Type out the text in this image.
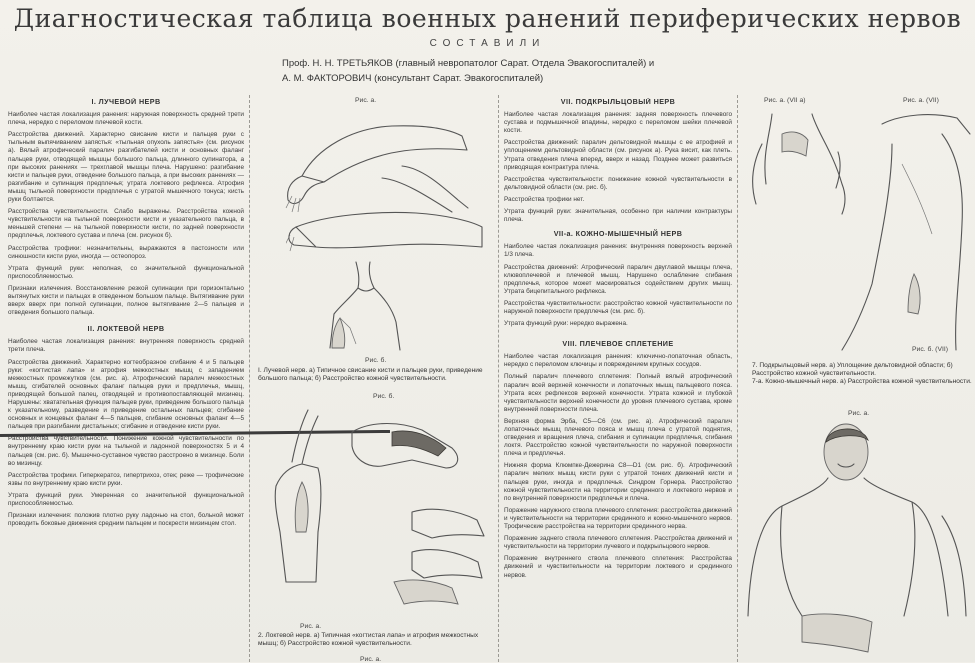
Диагностическая таблица военных ранений периферических нервов
СОСТАВИЛИ
Проф. Н. Н. ТРЕТЬЯКОВ (главный невропатолог Сарат. Отдела Эвакогоспиталей) и
А. М. ФАКТОРОВИЧ (консультант Сарат. Эвакогоспиталей)
I. ЛУЧЕВОЙ НЕРВ

Наиболее частая локализация ранения: наружная поверхность средней трети плеча, нередко с переломом плечевой кости.

Расстройства движений. Характерно свисание кисти и пальцев руки с тыльным выпячиванием запястья: «тыльная опухоль запястья» (см. рисунок а). Вялый атрофический паралич разгибателей кисти и основных фаланг пальцев руки, отводящей мышцы большого пальца, длинного супинатора, а при высоких ранениях — трехглавой мышцы плеча. Нарушено: разгибание кисти и пальцев руки, отведение большого пальца, а при высоких ранениях — разгибание и супинация предплечья; утрата локтевого рефлекса. Атрофия мышц тыльной поверхности предплечья с утратой мышечного тонуса; кисть руки болтается.

Расстройства чувствительности. Слабо выражены. Расстройства кожной чувствительности на тыльной поверхности кисти и указательного пальца, в меньшей степени — на тыльной поверхности кисти, по задней поверхности предплечья, локтевого сустава и плеча (см. рисунок б).

Расстройства трофики: незначительны, выражаются в пастозности или синюшности кисти руки, иногда — остеопороз.

Утрата функций руки: неполная, со значительной функциональной приспособляемостью.

Признаки излечения. Восстановление резкой супинации при горизонтально вытянутых кисти и пальцах в отведенном большом пальце. Вытягивание руки вверх вверх при полной супинации, полное вытягивание 2—5 пальцев и отведения большого пальца.

II. ЛОКТЕВОЙ НЕРВ

Наиболее частая локализация ранения: внутренняя поверхность средней трети плеча.

Расстройства движений. Характерно когтеобразное сгибание 4 и 5 пальцев руки: «когтистая лапа» и атрофия межкостных мышц с западением межкостных промежутков (см. рис. а). Атрофический паралич межкостных мышц, сгибателей основных фаланг пальцев руки и предплечья, мышц, приводящей большой палец, отводящей и противопоставляющей мизинец. Нарушены: хватательная функция пальцев руки, приведение большого пальца к указательному, разведение и приведение остальных пальцев; сгибание основных и концевых фаланг 4—5 пальцев, сгибание основных фаланг 4—5 пальцев при разгибании дистальных; сгибание и отведение кисти руки.

Расстройства чувствительности. Понижение кожной чувствительности по внутреннему краю кисти руки на тыльной и ладонной поверхностях 5 и 4 пальцев (см. рис. б). Мышечно-суставное чувство расстроено в мизинце. Боли во мизинцу.

Расстройства трофики. Гиперкератоз, гипертрихоз, отек; реже — трофические язвы по внутреннему краю кисти руки.

Утрата функций руки. Умеренная со значительной функциональной приспособляемостью.

Признаки излечения: положив плотно руку ладонью на стол, больной может проводить боковые движения средним пальцем и поскрести мизинцем стол.

Рис. а.
Рис. б.
I. Лучевой нерв. а) Типичное свисание кисти и пальцев руки, приведение большого пальца; б) Расстройство кожной чувствительности.
Рис. б.
Рис. а.
2. Локтевой нерв. а) Типичная «когтистая лапа» и атрофия межкостных мышц; б) Расстройство кожной чувствительности.
Рис. а.
VII. ПОДКРЫЛЬЦОВЫЙ НЕРВ

Наиболее частая локализация ранения: задняя поверхность плечевого сустава и подмышечной впадины, нередко с переломом шейки плечевой кости.

Расстройства движений: паралич дельтовидной мышцы с ее атрофией и уплощением дельтовидной области (см. рисунок а). Рука висит, как плеть. Утрата отведения плеча вперед, вверх и назад. Позднее может развиться приводящая контрактура плеча.

Расстройства чувствительности: понижение кожной чувствительности в дельтовидной области (см. рис. б).

Расстройства трофики нет.

Утрата функций руки: значительная, особенно при наличии контрактуры плеча.

VII-а. КОЖНО-МЫШЕЧНЫЙ НЕРВ

Наиболее частая локализация ранения: внутренняя поверхность верхней 1/3 плеча.

Расстройства движений: Атрофический паралич двуглавой мышцы плеча, клювоплечевой и плечевой мышц. Нарушено ослабление сгибания предплечья, которое может маскироваться содействием других мышц. Утрата бицепитального рефлекса.

Расстройства чувствительности: расстройство кожной чувствительности по наружной поверхности предплечья (см. рис. б).

Утрата функций руки: нередко выражена.

VIII. ПЛЕЧЕВОЕ СПЛЕТЕНИЕ

Наиболее частая локализация ранения: ключично-лопаточная область, нередко с переломом ключицы и повреждением крупных сосудов.

Полный паралич плечевого сплетения: Полный вялый атрофический паралич всей верхней конечности и лопаточных мышц пальцевого пояса. Утрата всех рефлексов верхней конечности. Утрата кожной и глубокой чувствительности верхней конечности до уровня плечевого сустава, кроме внутренней поверхности плеча.

Верхняя форма Эрба, C5—C6 (см. рис. а). Атрофический паралич лопаточных мышц плечевого пояса и мышц плеча с утратой поднятия, отведения и вращения плеча, сгибания и супинации предплечья, сгибания локтя. Расстройство кожной чувствительности по наружной поверхности плеча и предплечья.

Нижняя форма Клюмпке-Дежерина C8—D1 (см. рис. б). Атрофический паралич мелких мышц кисти руки с утратой тонких движений кисти и пальцев руки, иногда и предплечья. Синдром Горнера. Расстройство кожной чувствительности на территории срединного и локтевого нервов и по внутренней поверхности предплечья и плеча.

Поражение наружного ствола плечевого сплетения: расстройства движений и чувствительности на территории срединного и кожно-мышечного нервов. Трофические расстройства на территории срединного нерва.

Поражение заднего ствола плечевого сплетения. Расстройства движений и чувствительности на территории лучевого и подкрыльцового нервов.

Поражение внутреннего ствола плечевого сплетения: Расстройства движений и чувствительности на территории локтевого и срединного нервов.

Рис. а. (VII а)	Рис. а. (VII)
Рис. б. (VII)
7. Подкрыльцовый нерв. а) Уплощение дельтовидной области; б) Расстройство кожной чувствительности.
7-а. Кожно-мышечный нерв. а) Расстройства кожной чувствительности.
Рис. а.
